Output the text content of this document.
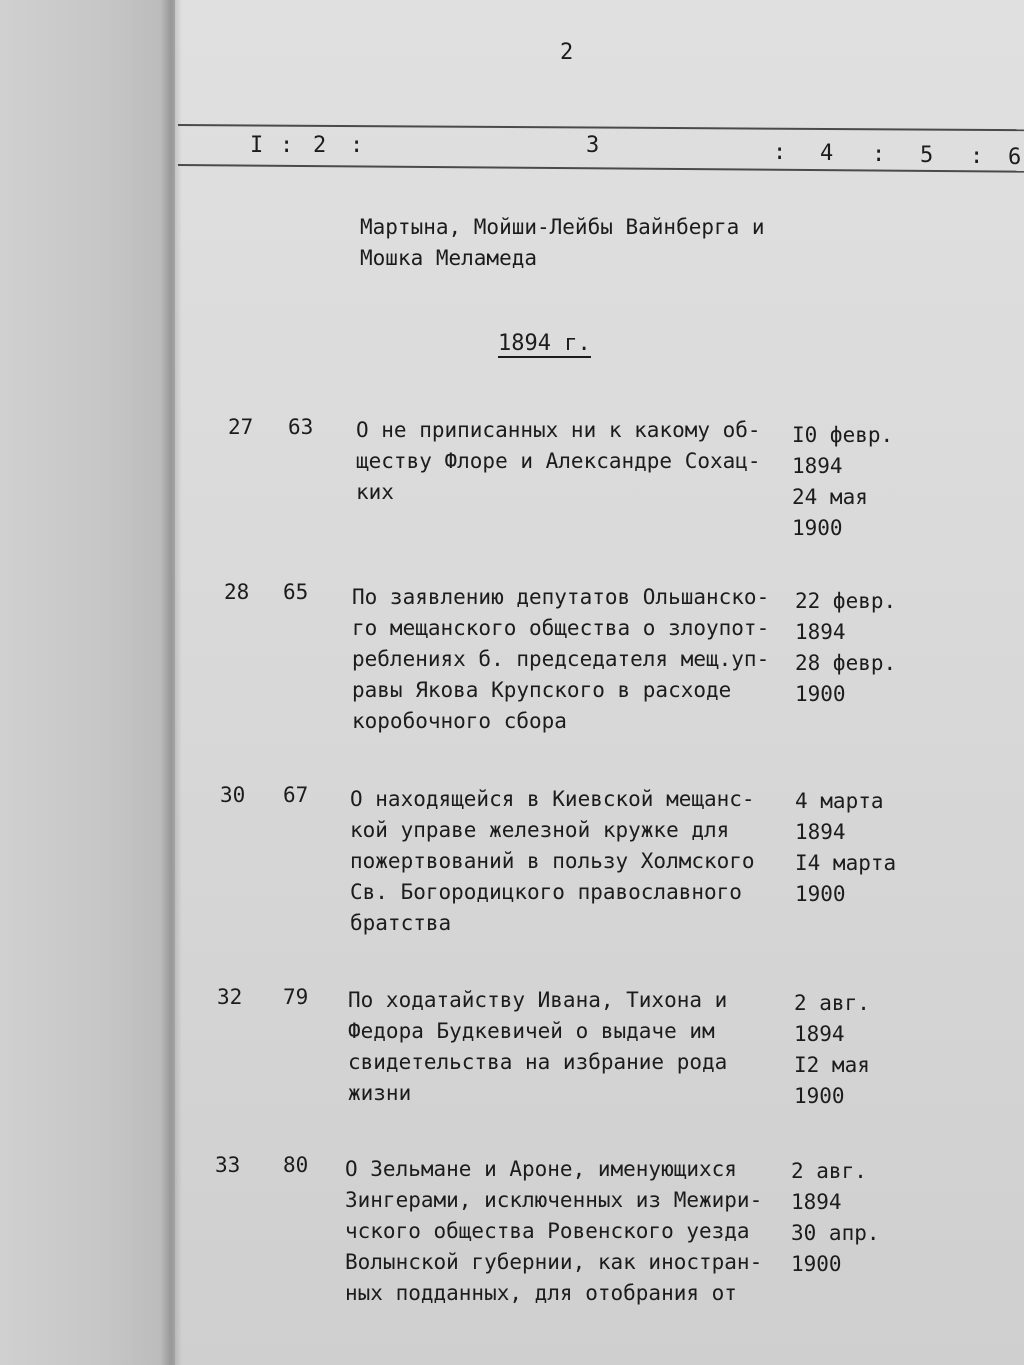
2
I : 2 :	3	: 4 : 5 : 6
Мартына, Мойши-Лейбы Вайнберга и
Мошка Меламеда
1894 г.
27 63 О не приписанных ни к какому об-
ществу Флоре и Александре Сохац-
ких
I0 февр.
1894
24 мая
1900
28 65 По заявлению депутатов Ольшанско-
го мещанского общества о злоупот-
реблениях б. председателя мещ.уп-
равы Якова Крупского в расходе
коробочного сбора
22 февр.
1894
28 февр.
1900
30 67 О находящейся в Киевской мещанс-
кой управе железной кружке для
пожертвований в пользу Холмского
Св. Богородицкого православного
братства
4 марта
1894
I4 марта
1900
32 79 По ходатайству Ивана, Тихона и
Федора Будкевичей о выдаче им
свидетельства на избрание рода
жизни
2 авг.
1894
I2 мая
1900
33 80 О Зельмане и Ароне, именующихся
Зингерами, исключенных из Межири-
чского общества Ровенского уезда
Волынской губернии, как иностран-
ных подданных, для отобрания от
2 авг.
1894
30 апр.
1900
